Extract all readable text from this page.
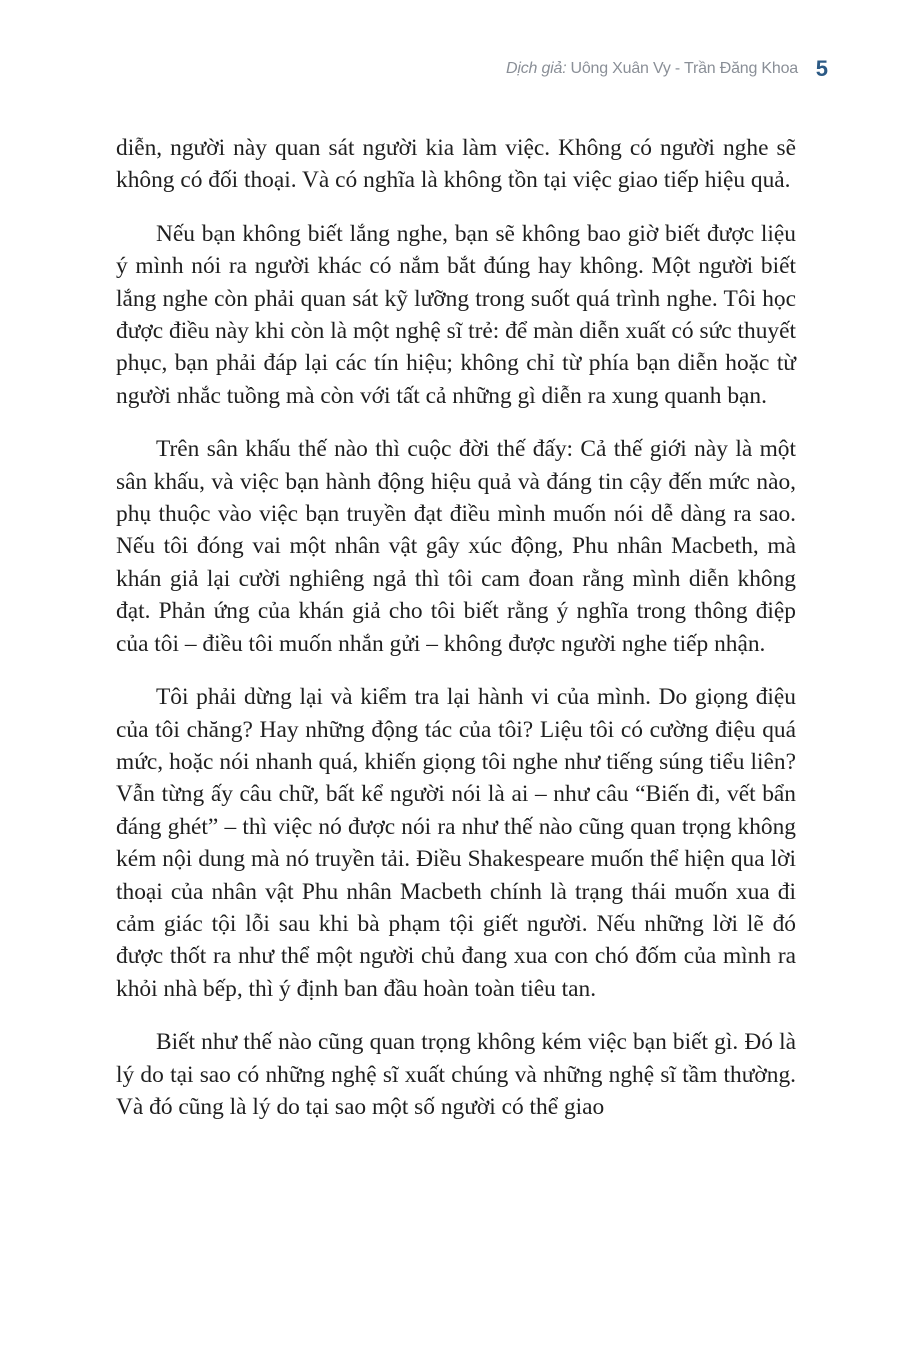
Dịch giả: Uông Xuân Vy - Trần Đăng Khoa 5

diễn, người này quan sát người kia làm việc. Không có người nghe sẽ không có đối thoại. Và có nghĩa là không tồn tại việc giao tiếp hiệu quả.

Nếu bạn không biết lắng nghe, bạn sẽ không bao giờ biết được liệu ý mình nói ra người khác có nắm bắt đúng hay không. Một người biết lắng nghe còn phải quan sát kỹ lưỡng trong suốt quá trình nghe. Tôi học được điều này khi còn là một nghệ sĩ trẻ: để màn diễn xuất có sức thuyết phục, bạn phải đáp lại các tín hiệu; không chỉ từ phía bạn diễn hoặc từ người nhắc tuồng mà còn với tất cả những gì diễn ra xung quanh bạn.

Trên sân khấu thế nào thì cuộc đời thế đấy: Cả thế giới này là một sân khấu, và việc bạn hành động hiệu quả và đáng tin cậy đến mức nào, phụ thuộc vào việc bạn truyền đạt điều mình muốn nói dễ dàng ra sao. Nếu tôi đóng vai một nhân vật gây xúc động, Phu nhân Macbeth, mà khán giả lại cười nghiêng ngả thì tôi cam đoan rằng mình diễn không đạt. Phản ứng của khán giả cho tôi biết rằng ý nghĩa trong thông điệp của tôi – điều tôi muốn nhắn gửi – không được người nghe tiếp nhận.

Tôi phải dừng lại và kiểm tra lại hành vi của mình. Do giọng điệu của tôi chăng? Hay những động tác của tôi? Liệu tôi có cường điệu quá mức, hoặc nói nhanh quá, khiến giọng tôi nghe như tiếng súng tiểu liên? Vẫn từng ấy câu chữ, bất kể người nói là ai – như câu “Biến đi, vết bẩn đáng ghét” – thì việc nó được nói ra như thế nào cũng quan trọng không kém nội dung mà nó truyền tải. Điều Shakespeare muốn thể hiện qua lời thoại của nhân vật Phu nhân Macbeth chính là trạng thái muốn xua đi cảm giác tội lỗi sau khi bà phạm tội giết người. Nếu những lời lẽ đó được thốt ra như thể một người chủ đang xua con chó đốm của mình ra khỏi nhà bếp, thì ý định ban đầu hoàn toàn tiêu tan.

Biết như thế nào cũng quan trọng không kém việc bạn biết gì. Đó là lý do tại sao có những nghệ sĩ xuất chúng và những nghệ sĩ tầm thường. Và đó cũng là lý do tại sao một số người có thể giao
